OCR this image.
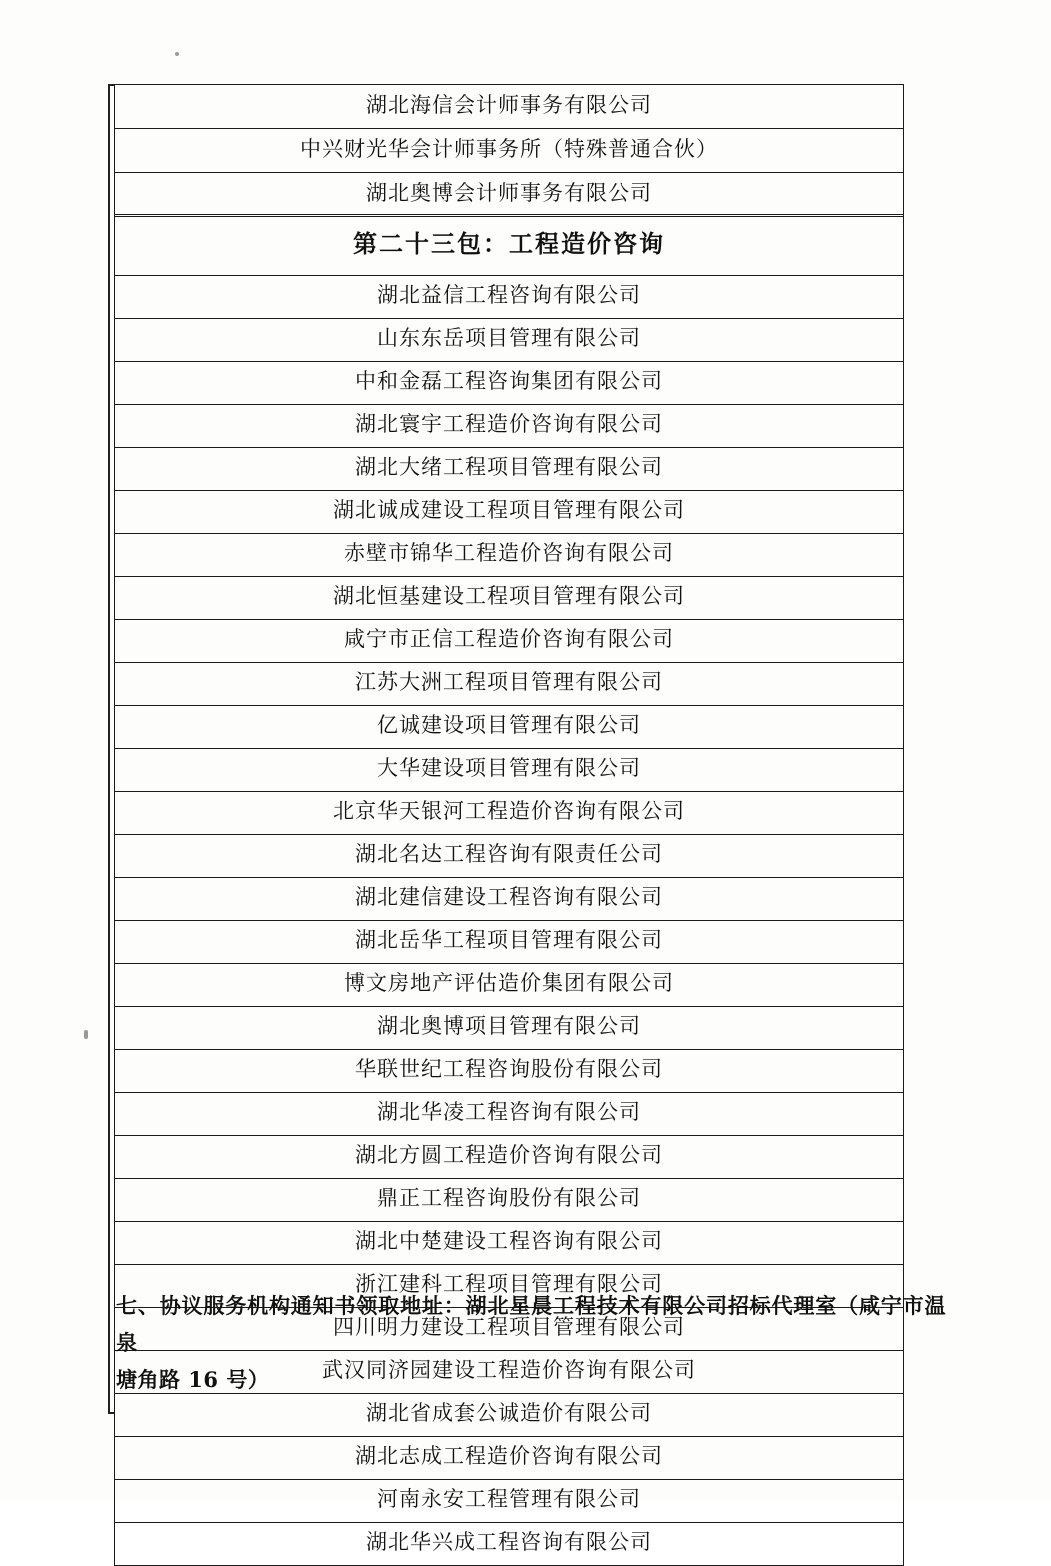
湖北海信会计师事务有限公司
中兴财光华会计师事务所（特殊普通合伙）
湖北奥博会计师事务有限公司
第二十三包：工程造价咨询
湖北益信工程咨询有限公司
山东东岳项目管理有限公司
中和金磊工程咨询集团有限公司
湖北寰宇工程造价咨询有限公司
湖北大绪工程项目管理有限公司
湖北诚成建设工程项目管理有限公司
赤壁市锦华工程造价咨询有限公司
湖北恒基建设工程项目管理有限公司
咸宁市正信工程造价咨询有限公司
江苏大洲工程项目管理有限公司
亿诚建设项目管理有限公司
大华建设项目管理有限公司
北京华天银河工程造价咨询有限公司
湖北名达工程咨询有限责任公司
湖北建信建设工程咨询有限公司
湖北岳华工程项目管理有限公司
博文房地产评估造价集团有限公司
湖北奥博项目管理有限公司
华联世纪工程咨询股份有限公司
湖北华凌工程咨询有限公司
湖北方圆工程造价咨询有限公司
鼎正工程咨询股份有限公司
湖北中楚建设工程咨询有限公司
浙江建科工程项目管理有限公司
四川明力建设工程项目管理有限公司
武汉同济园建设工程造价咨询有限公司
湖北省成套公诚造价有限公司
湖北志成工程造价咨询有限公司
河南永安工程管理有限公司
湖北华兴成工程咨询有限公司
七、协议服务机构通知书领取地址：湖北星晨工程技术有限公司招标代理室（咸宁市温泉
塘角路 16 号）
